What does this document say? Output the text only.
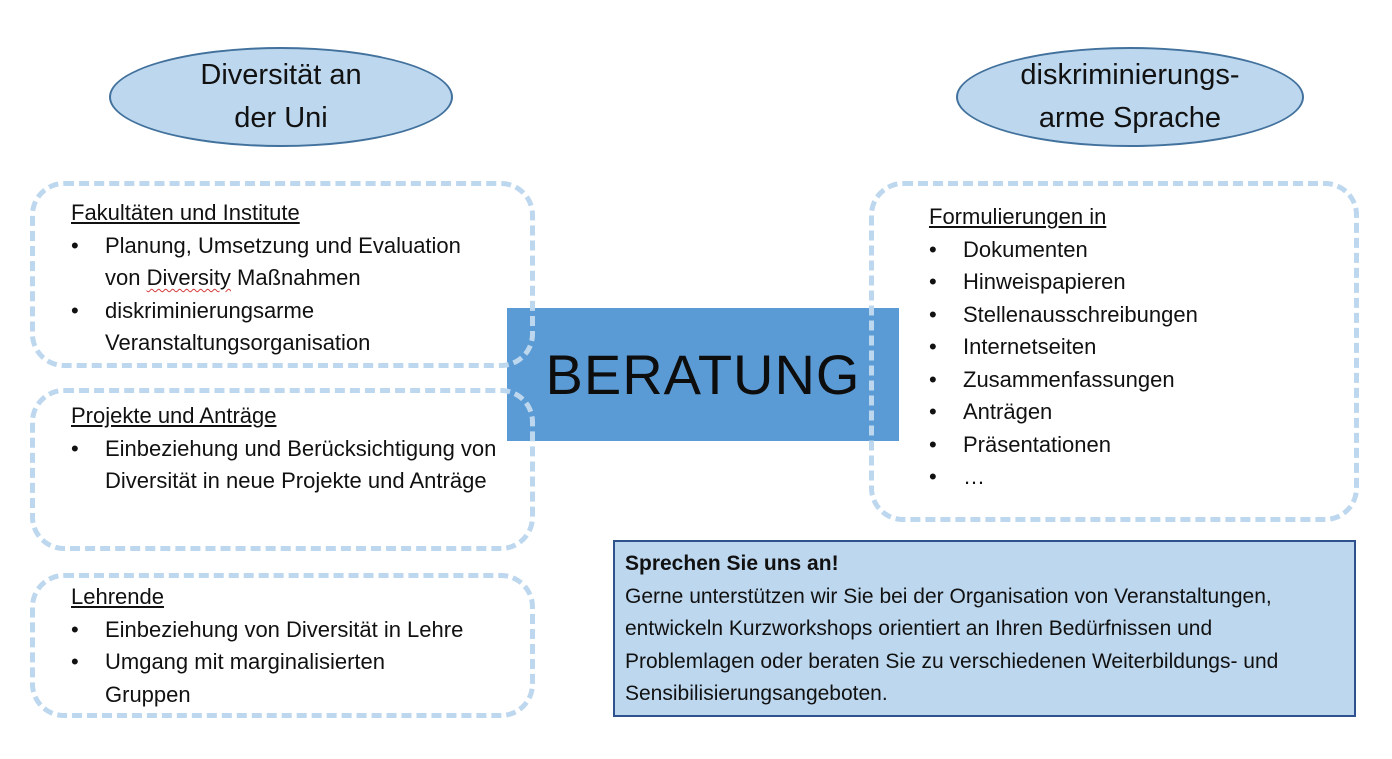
Diversität an
der Uni
diskriminierungs-
arme Sprache
BERATUNG
Fakultäten und Institute
• Planung, Umsetzung und Evaluation
von Diversity Maßnahmen
• diskriminierungsarme
Veranstaltungsorganisation
Projekte und Anträge
• Einbeziehung und Berücksichtigung von Diversität in neue Projekte und Anträge
Lehrende
• Einbeziehung von Diversität in Lehre
• Umgang mit marginalisierten Gruppen
Formulierungen in
• Dokumenten
• Hinweispapieren
• Stellenausschreibungen
• Internetseiten
• Zusammenfassungen
• Anträgen
• Präsentationen
• …
Sprechen Sie uns an!
Gerne unterstützen wir Sie bei der Organisation von Veranstaltungen, entwickeln Kurzworkshops orientiert an Ihren Bedürfnissen und Problemlagen oder beraten Sie zu verschiedenen Weiterbildungs- und Sensibilisierungsangeboten.
